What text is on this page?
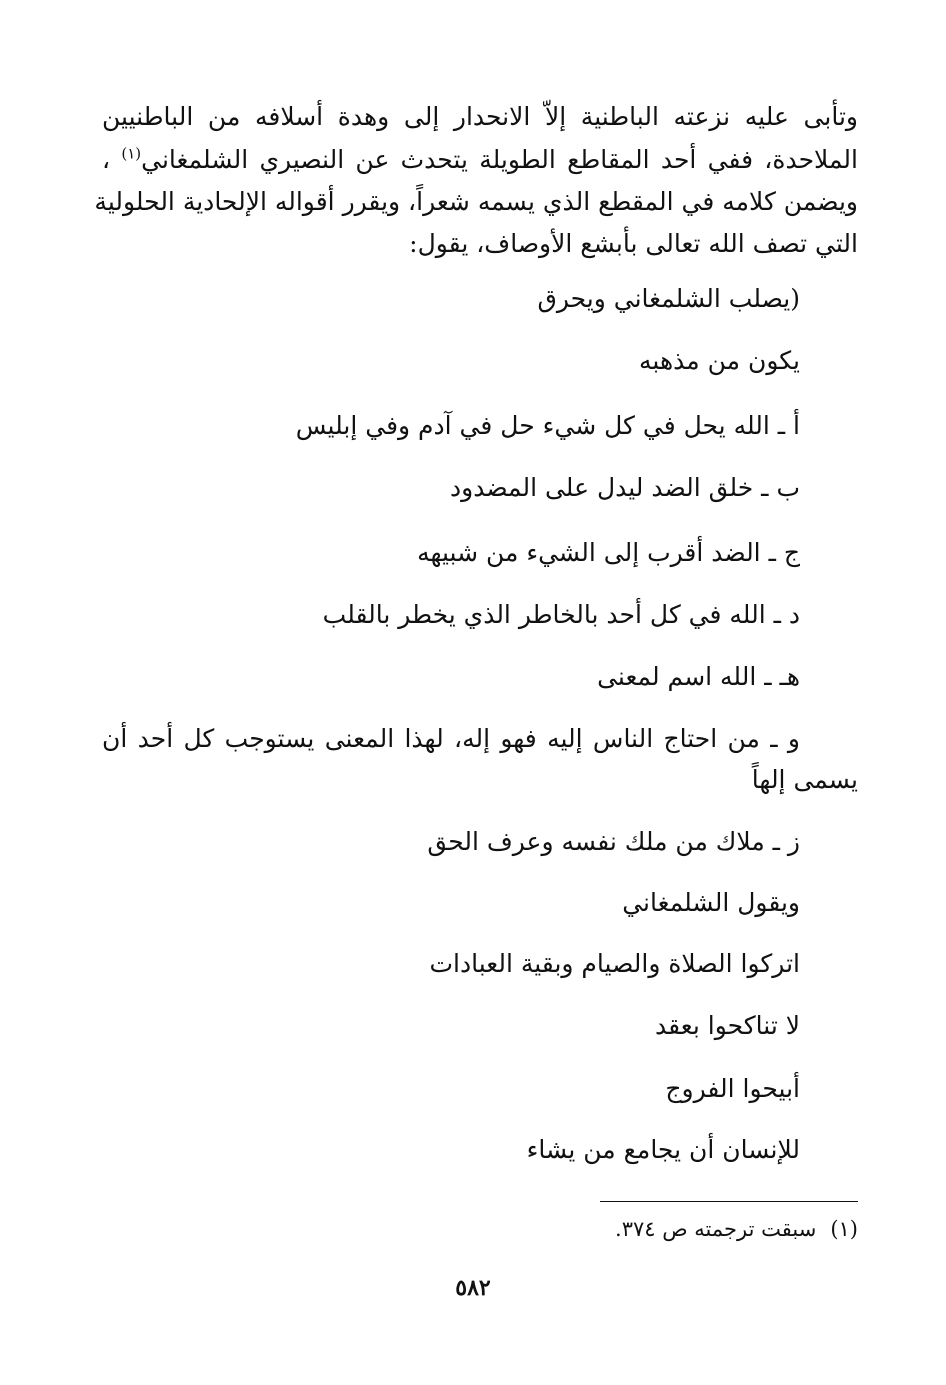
وتأبى عليه نزعته الباطنية إلاّ الانحدار إلى وهدة أسلافه من الباطنيين
الملاحدة، ففي أحد المقاطع الطويلة يتحدث عن النصيري الشلمغاني$^{(١)}$ ،
ويضمن كلامه في المقطع الذي يسمه شعراً، ويقرر أقواله الإلحادية الحلولية
التي تصف الله تعالى بأبشع الأوصاف، يقول:
(يصلب الشلمغاني ويحرق
يكون من مذهبه
أ ـ الله يحل في كل شيء حل في آدم وفي إبليس
ب ـ خلق الضد ليدل على المضدود
ج ـ الضد أقرب إلى الشيء من شبيهه
د ـ الله في كل أحد بالخاطر الذي يخطر بالقلب
هـ ـ الله اسم لمعنى
و ـ من احتاج الناس إليه فهو إله، لهذا المعنى يستوجب كل أحد أن
يسمى إلهاً
ز ـ ملاك من ملك نفسه وعرف الحق
ويقول الشلمغاني
اتركوا الصلاة والصيام وبقية العبادات
لا تناكحوا بعقد
أبيحوا الفروج
للإنسان أن يجامع من يشاء
(١)سبقت ترجمته ص ٣٧٤.
٥٨٢
